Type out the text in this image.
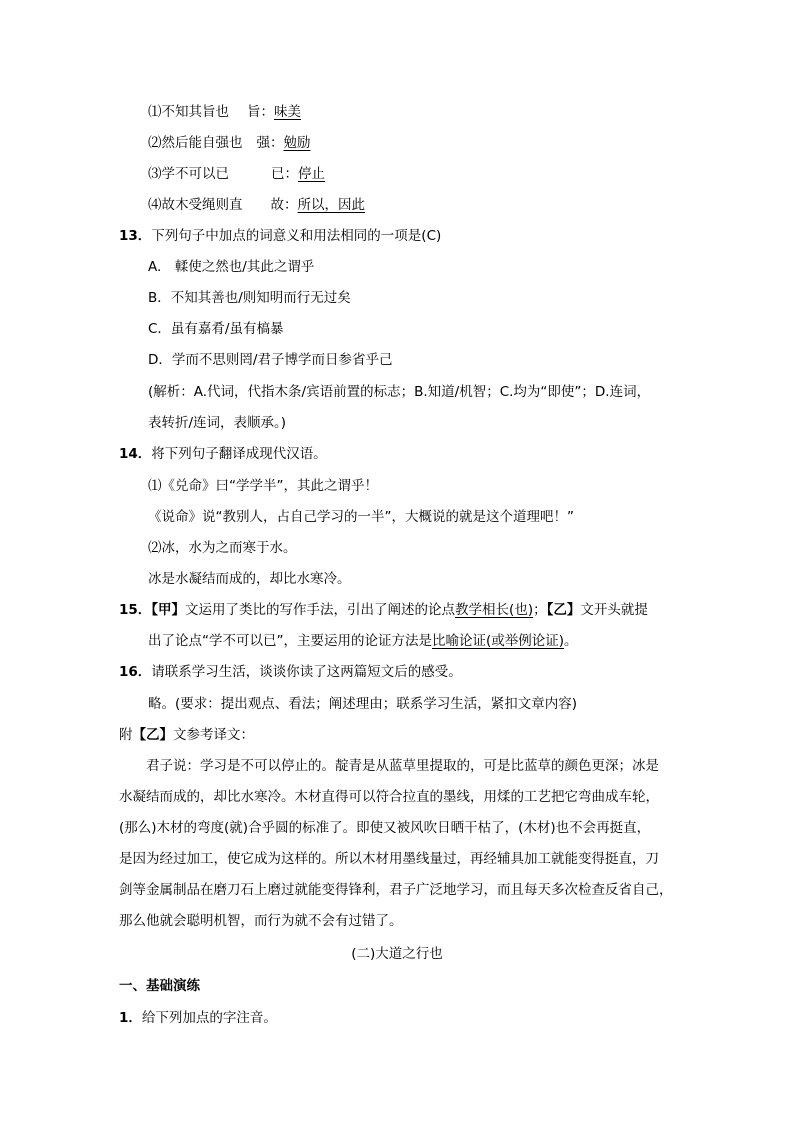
⑴不知其旨也 旨：味美
⑵然后能自强也 强：勉励
⑶学不可以已	已：停止
⑷故木受绳则直 故：所以，因此
13．下列句子中加点的词意义和用法相同的一项是(C)
A.　輮使之然也/其此之谓乎
B．不知其善也/则知明而行无过矣
C．虽有嘉肴/虽有槁暴
D．学而不思则罔/君子博学而日参省乎己
(解析：A.代词，代指木条/宾语前置的标志；B.知道/机智；C.均为“即使”；D.连词，
表转折/连词，表顺承。)
14．将下列句子翻译成现代汉语。
⑴《兑命》曰“学学半”，其此之谓乎！
《说命》说“教别人，占自己学习的一半”，大概说的就是这个道理吧！”
⑵冰，水为之而寒于水。
冰是水凝结而成的，却比水寒冷。
15．【甲】文运用了类比的写作手法，引出了阐述的论点教学相长(也)；【乙】文开头就提
出了论点“学不可以已”，主要运用的论证方法是比喻论证(或举例论证)。
16．请联系学习生活，谈谈你读了这两篇短文后的感受。
略。(要求：提出观点、看法；阐述理由；联系学习生活，紧扣文章内容)
附【乙】文参考译文：
　　君子说：学习是不可以停止的。靛青是从蓝草里提取的，可是比蓝草的颜色更深；冰是
水凝结而成的，却比水寒冷。木材直得可以符合拉直的墨线，用煣的工艺把它弯曲成车轮，
(那么)木材的弯度(就)合乎圆的标准了。即使又被风吹日晒干枯了，(木材)也不会再挺直，
是因为经过加工，使它成为这样的。所以木材用墨线量过，再经辅具加工就能变得挺直，刀
剑等金属制品在磨刀石上磨过就能变得锋利，君子广泛地学习，而且每天多次检查反省自己，
那么他就会聪明机智，而行为就不会有过错了。
(二)大道之行也
一、基础演练
1．给下列加点的字注音。
